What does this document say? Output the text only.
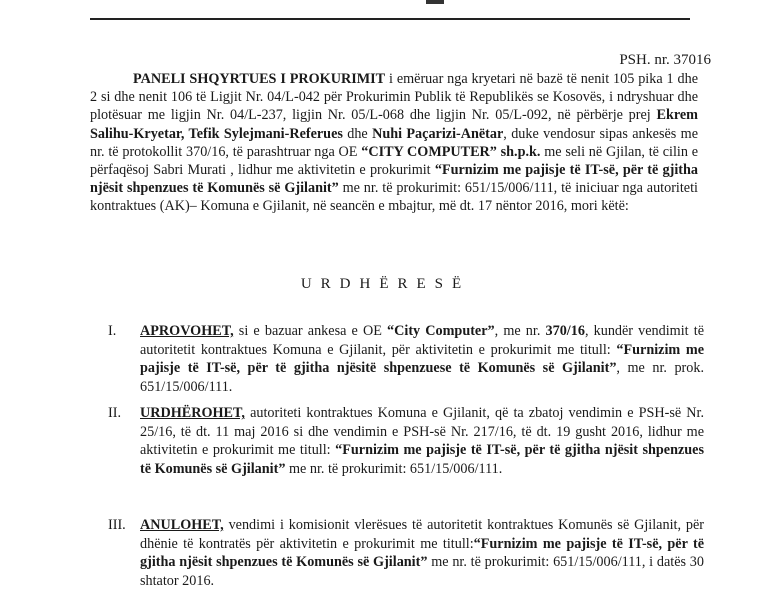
PSH. nr. 37016
PANELI SHQYRTUES I PROKURIMIT i emëruar nga kryetari në bazë të nenit 105 pika 1 dhe 2 si dhe nenit 106 të Ligjit Nr. 04/L-042 për Prokurimin Publik të Republikës se Kosovës, i ndryshuar dhe plotësuar me ligjin Nr. 04/L-237, ligjin Nr. 05/L-068 dhe ligjin Nr. 05/L-092, në përbërje prej Ekrem Salihu-Kryetar, Tefik Sylejmani-Referues dhe Nuhi Paçarizi-Anëtar, duke vendosur sipas ankesës me nr. të protokollit 370/16, të parashtruar nga OE “CITY COMPUTER” sh.p.k. me seli në Gjilan, të cilin e përfaqësoj Sabri Murati , lidhur me aktivitetin e prokurimit “Furnizim me pajisje të IT-së, për të gjitha njësit shpenzues të Komunës së Gjilanit” me nr. të prokurimit: 651/15/006/111, të iniciuar nga autoriteti kontraktues (AK)– Komuna e Gjilanit, në seancën e mbajtur, më dt. 17 nëntor 2016, mori këtë:
URDHËRESË
I. APROVOHET, si e bazuar ankesa e OE “City Computer”, me nr. 370/16, kundër vendimit të autoritetit kontraktues Komuna e Gjilanit, për aktivitetin e prokurimit me titull: “Furnizim me pajisje të IT-së, për të gjitha njësitë shpenzuese të Komunës së Gjilanit”, me nr. prok. 651/15/006/111.
II. URDHËROHET, autoriteti kontraktues Komuna e Gjilanit, që ta zbatoj vendimin e PSH-së Nr. 25/16, të dt. 11 maj 2016 si dhe vendimin e PSH-së Nr. 217/16, të dt. 19 gusht 2016, lidhur me aktivitetin e prokurimit me titull: “Furnizim me pajisje të IT-së, për të gjitha njësit shpenzues të Komunës së Gjilanit” me nr. të prokurimit: 651/15/006/111.
III. ANULOHET, vendimi i komisionit vlerësues të autoritetit kontraktues Komunës së Gjilanit, për dhënie të kontratës për aktivitetin e prokurimit me titull:“Furnizim me pajisje të IT-së, për të gjitha njësit shpenzues të Komunës së Gjilanit” me nr. të prokurimit: 651/15/006/111, i datës 30 shtator 2016.
